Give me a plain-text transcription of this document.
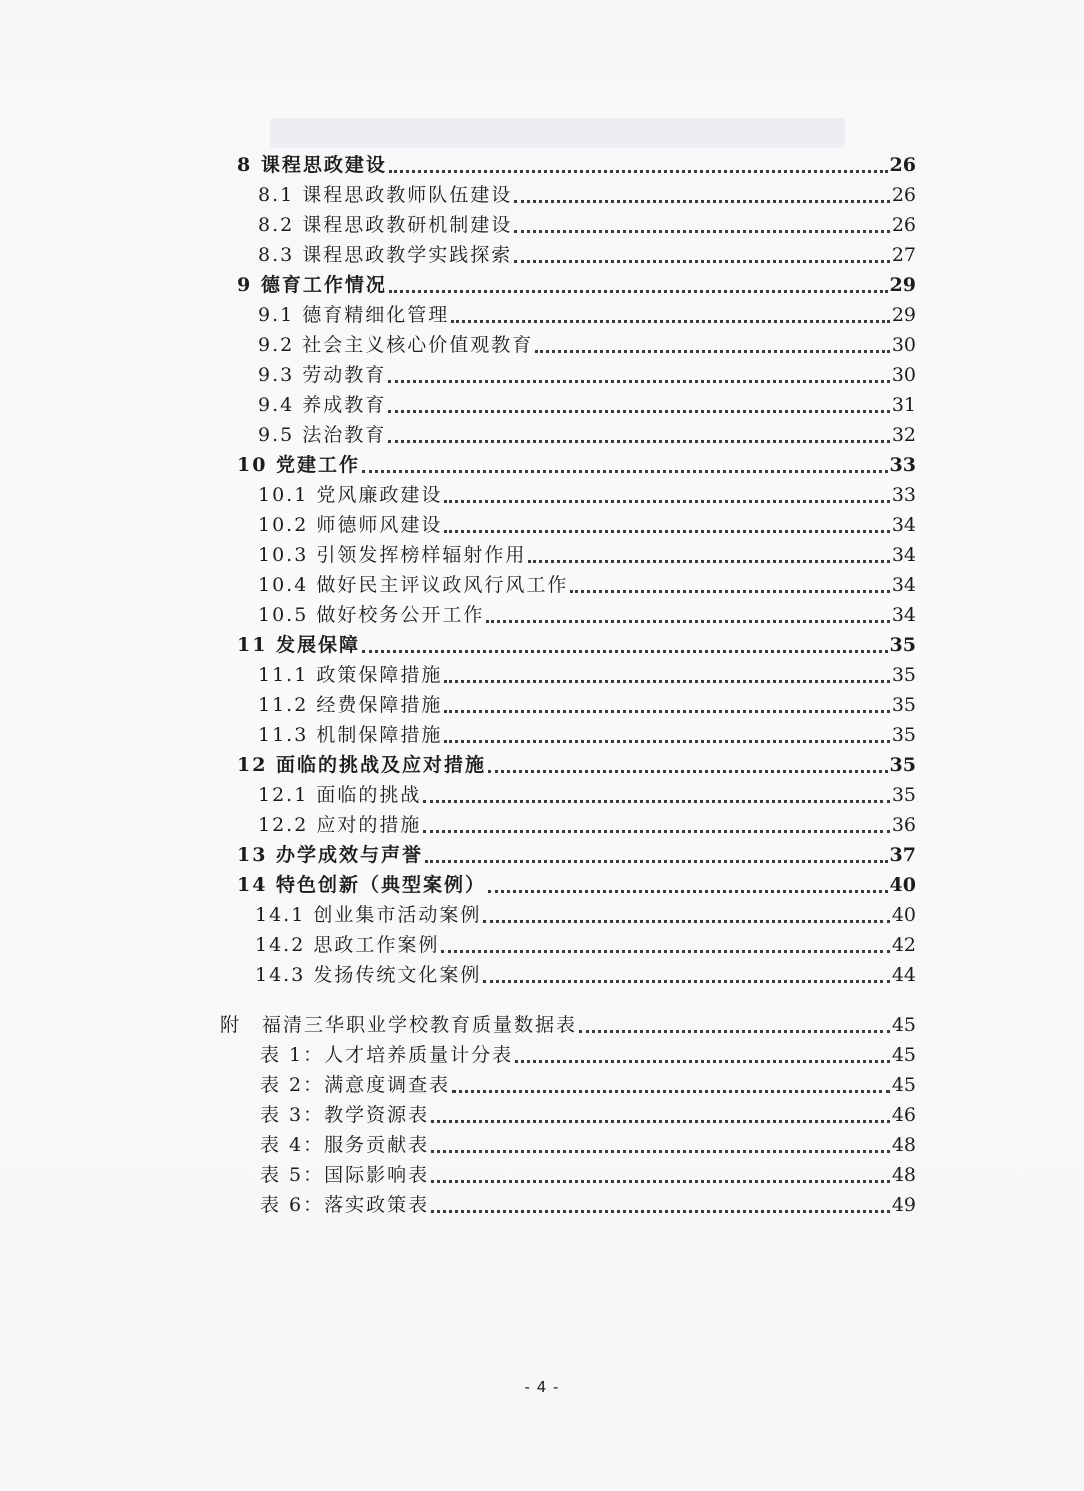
8 课程思政建设	26
8.1 课程思政教师队伍建设	26
8.2 课程思政教研机制建设	26
8.3 课程思政教学实践探索	27
9 德育工作情况	29
9.1 德育精细化管理	29
9.2 社会主义核心价值观教育	30
9.3 劳动教育	30
9.4 养成教育	31
9.5 法治教育	32
10 党建工作	33
10.1 党风廉政建设	33
10.2 师德师风建设	34
10.3 引领发挥榜样辐射作用	34
10.4 做好民主评议政风行风工作	34
10.5 做好校务公开工作	34
11 发展保障	35
11.1 政策保障措施	35
11.2 经费保障措施	35
11.3 机制保障措施	35
12 面临的挑战及应对措施	35
12.1 面临的挑战	35
12.2 应对的措施	36
13 办学成效与声誉	37
14 特色创新（典型案例）	40
14.1 创业集市活动案例	40
14.2 思政工作案例	42
14.3 发扬传统文化案例	44
附　福清三华职业学校教育质量数据表	45
表 1：人才培养质量计分表	45
表 2：满意度调查表	45
表 3：教学资源表	46
表 4：服务贡献表	48
表 5：国际影响表	48
表 6：落实政策表	49
- 4 -
